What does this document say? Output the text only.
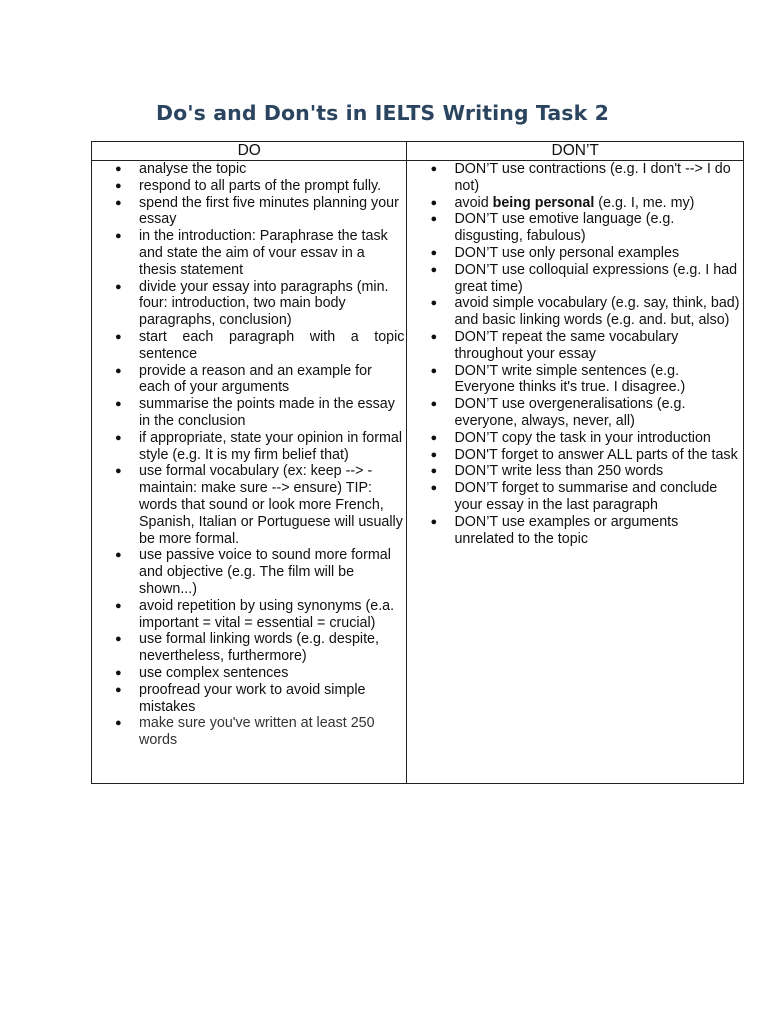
Do's and Don'ts in IELTS Writing Task 2
DO	DON’T

● analyse the topic
● respond to all parts of the prompt fully.
● spend the first five minutes planning your essay
● in the introduction: Paraphrase the task and state the aim of vour essav in a thesis statement
● divide your essay into paragraphs (min. four: introduction, two main body paragraphs, conclusion)
● start each paragraph with a topic sentence
● provide a reason and an example for each of your arguments
● summarise the points made in the essay in the conclusion
● if appropriate, state your opinion in formal style (e.g. It is my firm belief that)
● use formal vocabulary (ex: keep --> - maintain: make sure --> ensure) TIP: words that sound or look more French, Spanish, Italian or Portuguese will usually be more formal.
● use passive voice to sound more formal and objective (e.g. The film will be shown...)
● avoid repetition by using synonyms (e.a. important = vital = essential = crucial)
● use formal linking words (e.g. despite, nevertheless, furthermore)
● use complex sentences
● proofread your work to avoid simple mistakes
● make sure you've written at least 250 words

● DON’T use contractions (e.g. I don't --> I do not)
● avoid being personal (e.g. I, me. my)
● DON’T use emotive language (e.g. disgusting, fabulous)
● DON’T use only personal examples
● DON’T use colloquial expressions (e.g. I had great time)
● avoid simple vocabulary (e.g. say, think, bad) and basic linking words (e.g. and. but, also)
● DON’T repeat the same vocabulary throughout your essay
● DON’T write simple sentences (e.g. Everyone thinks it's true. I disagree.)
● DON’T use overgeneralisations (e.g. everyone, always, never, all)
● DON’T copy the task in your introduction
● DON'T forget to answer ALL parts of the task
● DON’T write less than 250 words
● DON’T forget to summarise and conclude your essay in the last paragraph
● DON’T use examples or arguments unrelated to the topic
